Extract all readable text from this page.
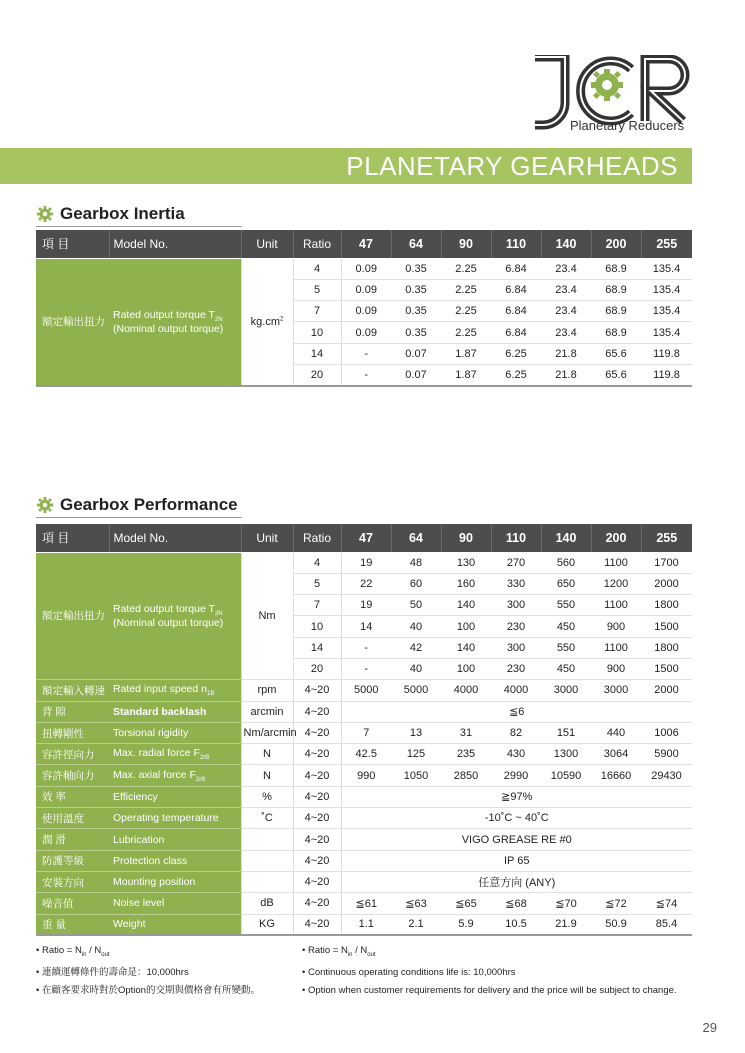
Planetary Reducers
PLANETARY GEARHEADS
Gearbox Inertia
項 目	Model No.	Unit	Ratio	47	64	90	110	140	200	255
額定輸出扭力	Rated output torque $T_{2N}$
(Nominal output torque)	$kg.cm^2$	4	0.09	0.35	2.25	6.84	23.4	68.9	135.4
			5	0.09	0.35	2.25	6.84	23.4	68.9	135.4
			7	0.09	0.35	2.25	6.84	23.4	68.9	135.4
			10	0.09	0.35	2.25	6.84	23.4	68.9	135.4
			14	-	0.07	1.87	6.25	21.8	65.6	119.8
			20	-	0.07	1.87	6.25	21.8	65.6	119.8
Gearbox Performance
項 目	Model No.	Unit	Ratio	47	64	90	110	140	200	255
額定輸出扭力	Rated output torque $T_{2N}$
(Nominal output torque)	Nm	4	19	48	130	270	560	1100	1700
			5	22	60	160	330	650	1200	2000
			7	19	50	140	300	550	1100	1800
			10	14	40	100	230	450	900	1500
			14	-	42	140	300	550	1100	1800
			20	-	40	100	230	450	900	1500
額定輸入轉速	Rated input speed $n_{1B}$	rpm	4~20	5000	5000	4000	4000	3000	3000	2000
背 隙	Standard backlash	arcmin	4~20	≦6						
扭轉剛性	Torsional rigidity	Nm/arcmin	4~20	7	13	31	82	151	440	1006
容許徑向力	Max. radial force $F_{2rB}$	N	4~20	42.5	125	235	430	1300	3064	5900
容許軸向力	Max. axial force $F_{2rB}$	N	4~20	990	1050	2850	2990	10590	16660	29430
效 率	Efficiency	%	4~20	≧97%						
使用溫度	Operating temperature	˚C	4~20	-10˚C ~ 40˚C						
潤 滑	Lubrication		4~20	VIGO GREASE RE #0						
防護等級	Protection class		4~20	IP 65						
安裝方向	Mounting position		4~20	任意方向 (ANY)						
噪音值	Noise level	dB	4~20	≦61	≦63	≦65	≦68	≦70	≦72	≦74
重 量	Weight	KG	4~20	1.1	2.1	5.9	10.5	21.9	50.9	85.4
• Ratio = $N_{in} / N_{out}$
• 連續運轉條件的壽命是：10,000hrs
• 在顧客要求時對於Option的交期與價格會有所變動。
• Ratio = $N_{in} / N_{out}$
• Continuous operating conditions life is: 10,000hrs
• Option when customer requirements for delivery and the price will be subject to change.
29
